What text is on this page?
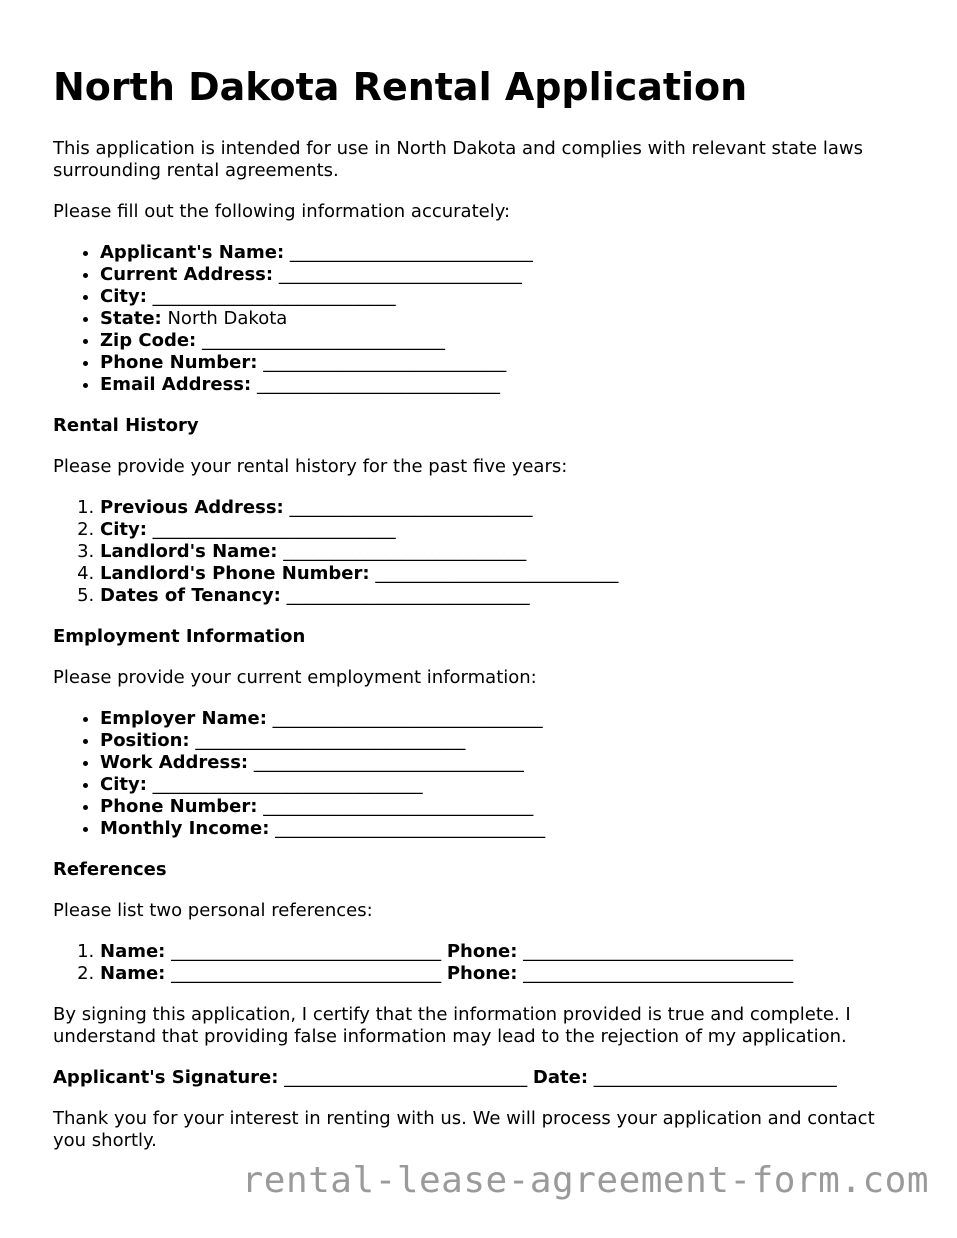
North Dakota Rental Application

This application is intended for use in North Dakota and complies with relevant state laws surrounding rental agreements.

Please fill out the following information accurately:

• Applicant's Name: ___________________________
• Current Address: ___________________________
• City: ___________________________
• State: North Dakota
• Zip Code: ___________________________
• Phone Number: ___________________________
• Email Address: ___________________________
Rental History

Please provide your rental history for the past five years:

1. Previous Address: ___________________________
2. City: ___________________________
3. Landlord's Name: ___________________________
4. Landlord's Phone Number: ___________________________
5. Dates of Tenancy: ___________________________
Employment Information

Please provide your current employment information:

• Employer Name: ______________________________
• Position: ______________________________
• Work Address: ______________________________
• City: ______________________________
• Phone Number: ______________________________
• Monthly Income: ______________________________
References

Please list two personal references:

1. Name: ______________________________ Phone: ______________________________
2. Name: ______________________________ Phone: ______________________________

By signing this application, I certify that the information provided is true and complete. I understand that providing false information may lead to the rejection of my application.

Applicant's Signature: ___________________________ Date: ___________________________

Thank you for your interest in renting with us. We will process your application and contact you shortly.

rental-lease-agreement-form.com
